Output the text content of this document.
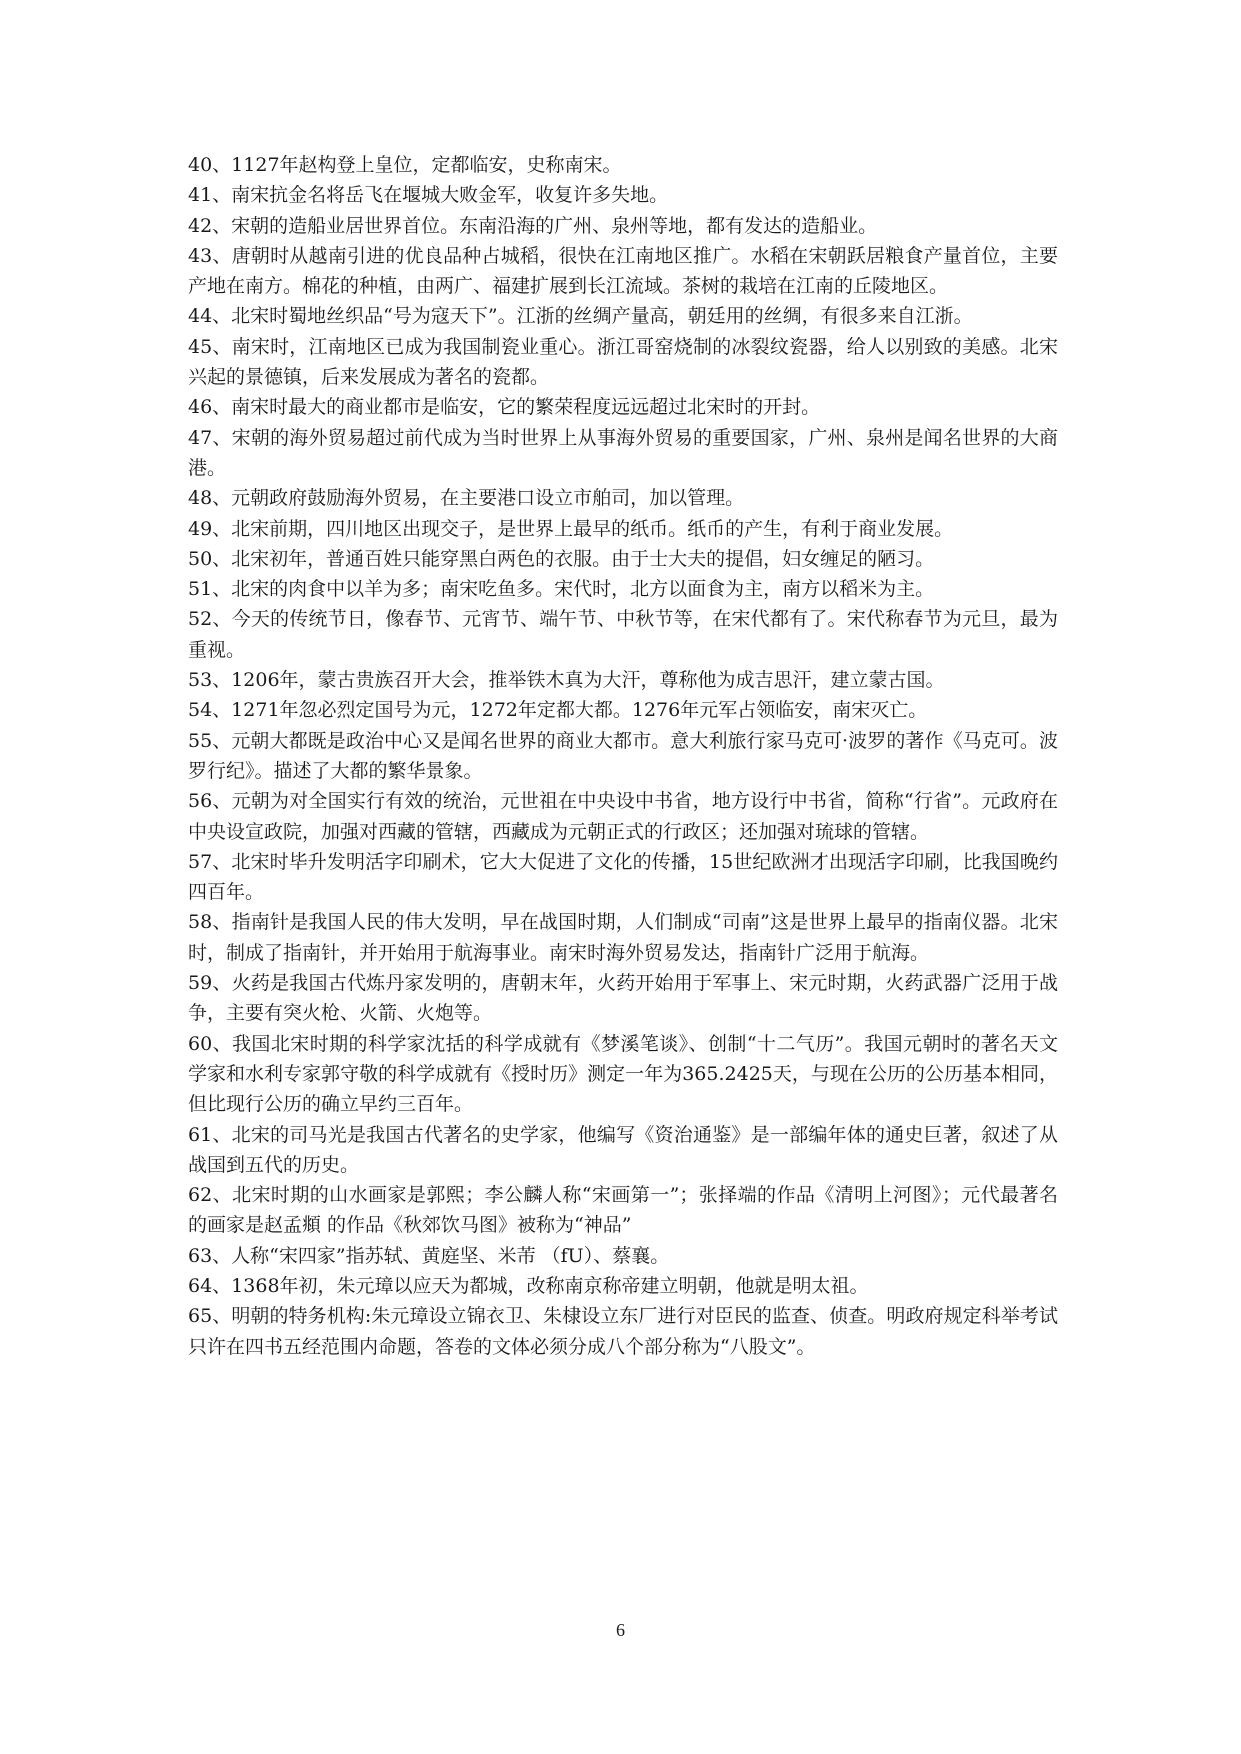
40、1127年赵构登上皇位，定都临安，史称南宋。

41、南宋抗金名将岳飞在堰城大败金军，收复许多失地。

42、宋朝的造船业居世界首位。东南沿海的广州、泉州等地，都有发达的造船业。

43、唐朝时从越南引进的优良品种占城稻，很快在江南地区推广。水稻在宋朝跃居粮食产量首位，主要产地在南方。棉花的种植，由两广、福建扩展到长江流域。茶树的栽培在江南的丘陵地区。

44、北宋时蜀地丝织品“号为寇天下”。江浙的丝绸产量高，朝廷用的丝绸，有很多来自江浙。

45、南宋时，江南地区已成为我国制瓷业重心。浙江哥窑烧制的冰裂纹瓷器，给人以别致的美感。北宋兴起的景德镇，后来发展成为著名的瓷都。

46、南宋时最大的商业都市是临安，它的繁荣程度远远超过北宋时的开封。

47、宋朝的海外贸易超过前代成为当时世界上从事海外贸易的重要国家，广州、泉州是闻名世界的大商港。

48、元朝政府鼓励海外贸易，在主要港口设立市舶司，加以管理。

49、北宋前期，四川地区出现交子，是世界上最早的纸币。纸币的产生，有利于商业发展。

50、北宋初年，普通百姓只能穿黑白两色的衣服。由于士大夫的提倡，妇女缠足的陋习。

51、北宋的肉食中以羊为多；南宋吃鱼多。宋代时，北方以面食为主，南方以稻米为主。

52、今天的传统节日，像春节、元宵节、端午节、中秋节等，在宋代都有了。宋代称春节为元旦，最为重视。

53、1206年，蒙古贵族召开大会，推举铁木真为大汗，尊称他为成吉思汗，建立蒙古国。

54、1271年忽必烈定国号为元，1272年定都大都。1276年元军占领临安，南宋灭亡。

55、元朝大都既是政治中心又是闻名世界的商业大都市。意大利旅行家马克可·波罗的著作《马克可。波罗行纪》。描述了大都的繁华景象。

56、元朝为对全国实行有效的统治，元世祖在中央设中书省，地方设行中书省，简称“行省”。元政府在中央设宣政院，加强对西藏的管辖，西藏成为元朝正式的行政区；还加强对琉球的管辖。

57、北宋时毕升发明活字印刷术，它大大促进了文化的传播，15世纪欧洲才出现活字印刷，比我国晚约四百年。

58、指南针是我国人民的伟大发明，早在战国时期，人们制成“司南”这是世界上最早的指南仪器。北宋时，制成了指南针，并开始用于航海事业。南宋时海外贸易发达，指南针广泛用于航海。

59、火药是我国古代炼丹家发明的，唐朝末年，火药开始用于军事上、宋元时期，火药武器广泛用于战争，主要有突火枪、火箭、火炮等。

60、我国北宋时期的科学家沈括的科学成就有《梦溪笔谈》、创制“十二气历”。我国元朝时的著名天文学家和水利专家郭守敬的科学成就有《授时历》测定一年为365.2425天，与现在公历的公历基本相同，但比现行公历的确立早约三百年。

61、北宋的司马光是我国古代著名的史学家，他编写《资治通鉴》是一部编年体的通史巨著，叙述了从战国到五代的历史。

62、北宋时期的山水画家是郭熙；李公麟人称“宋画第一”；张择端的作品《清明上河图》；元代最著名的画家是赵孟頫 的作品《秋郊饮马图》被称为“神品”

63、人称“宋四家”指苏轼、黄庭坚、米芾 （fU）、蔡襄。

64、1368年初，朱元璋以应天为都城，改称南京称帝建立明朝，他就是明太祖。

65、明朝的特务机构:朱元璋设立锦衣卫、朱棣设立东厂进行对臣民的监查、侦查。明政府规定科举考试只许在四书五经范围内命题，答卷的文体必须分成八个部分称为“八股文”。

6
